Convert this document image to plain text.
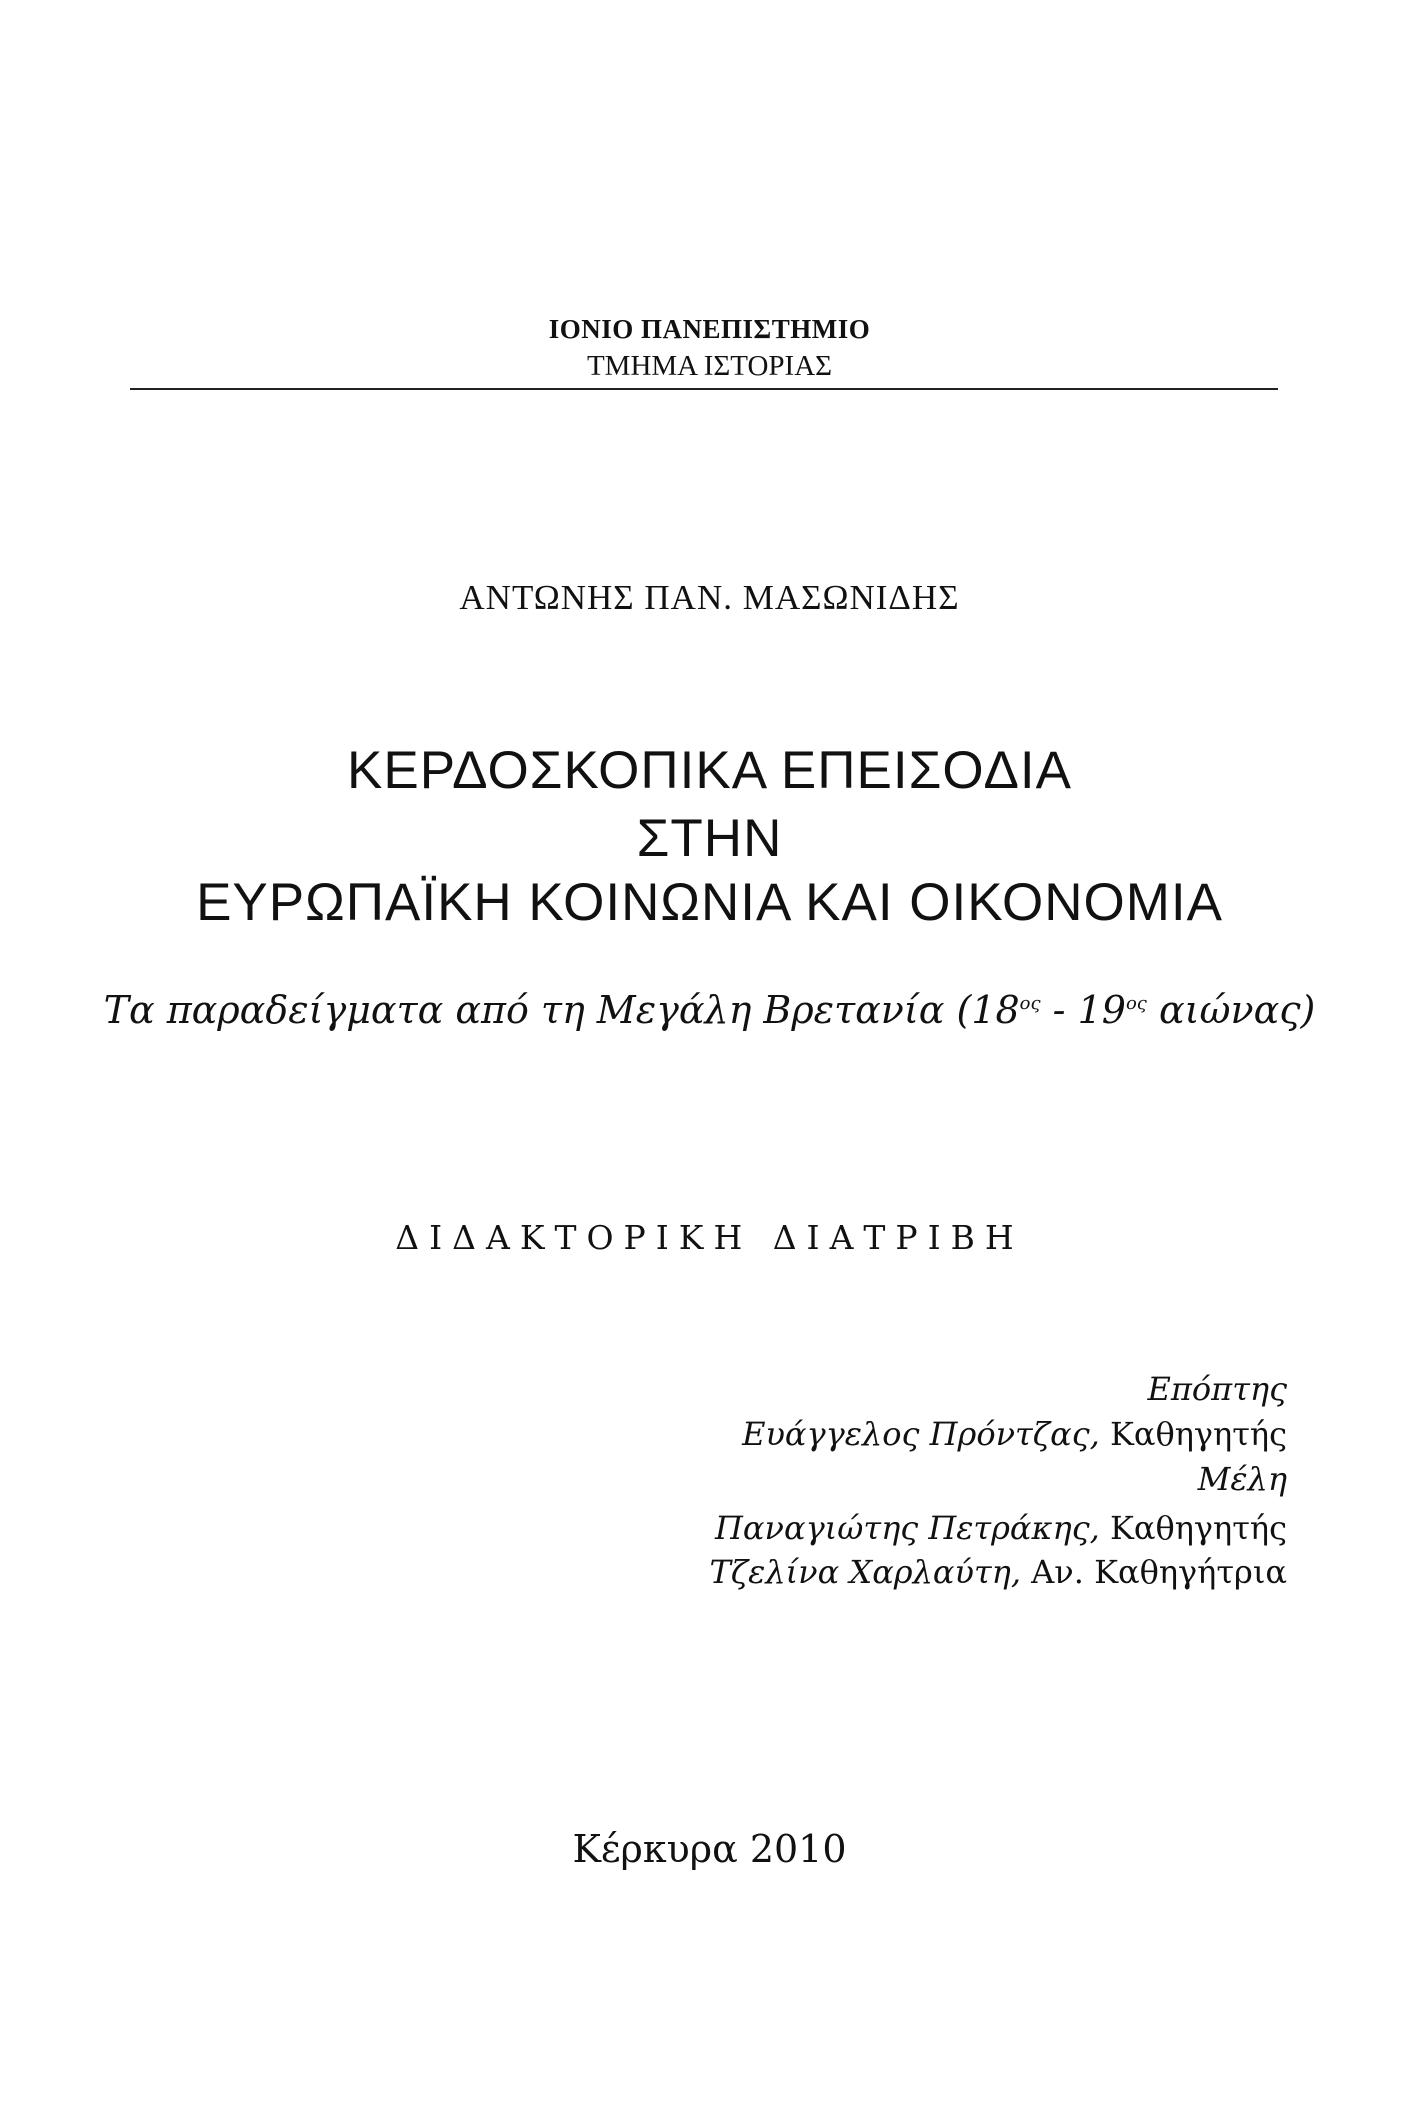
ΙΟΝΙΟ ΠΑΝΕΠΙΣΤΗΜΙΟ
ΤΜΗΜΑ ΙΣΤΟΡΙΑΣ
ΑΝΤΩΝΗΣ ΠΑΝ. ΜΑΣΩΝΙΔΗΣ
ΚΕΡΔΟΣΚΟΠΙΚΑ ΕΠΕΙΣΟΔΙΑ
ΣΤΗΝ
ΕΥΡΩΠΑΪΚΗ ΚΟΙΝΩΝΙΑ ΚΑΙ ΟΙΚΟΝΟΜΙΑ
Τα παραδείγματα από τη Μεγάλη Βρετανία ($18^{o\varsigma} - 19^{o\varsigma}$ αιώνας)
ΔΙΔΑΚΤΟΡΙΚΗ ΔΙΑΤΡΙΒΗ
Επόπτης
Ευάγγελος Πρόντζας, Καθηγητής
Μέλη
Παναγιώτης Πετράκης, Καθηγητής
Τζελίνα Χαρλαύτη, Αν. Καθηγήτρια
Κέρκυρα 2010
